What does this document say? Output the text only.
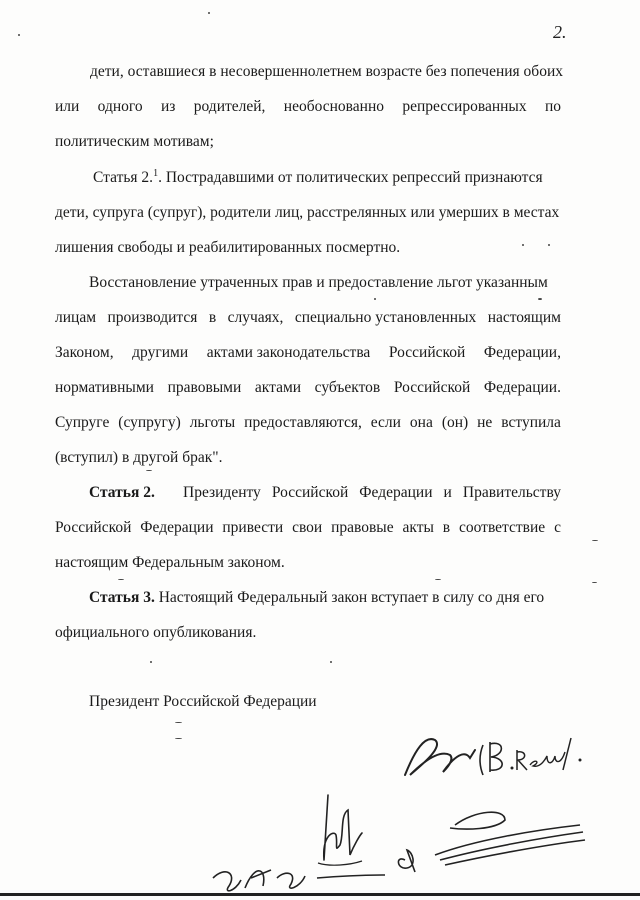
2.
дети, оставшиеся в несовершеннолетнем возрасте без попечения обоих
или одного из родителей, необоснованно репрессированных по
политическим мотивам;
Статья 2.$^1$. Пострадавшими от политических репрессий признаются
дети, супруга (супруг), родители лиц, расстрелянных или умерших в местах
лишения свободы и реабилитированных посмертно.
Восстановление утраченных прав и предоставление льгот указанным
лицам производится в случаях, специально установленных настоящим
Законом, другими актами законодательства Российской Федерации,
нормативными правовыми актами субъектов Российской Федерации.
Супруге (супругу) льготы предоставляются, если она (он) не вступила
(вступил) в другой брак".
Статья 2. Президенту Российской Федерации и Правительству
Российской Федерации привести свои правовые акты в соответствие с
настоящим Федеральным законом.
Статья 3. Настоящий Федеральный закон вступает в силу со дня его
официального опубликования.
Президент Российской Федерации
